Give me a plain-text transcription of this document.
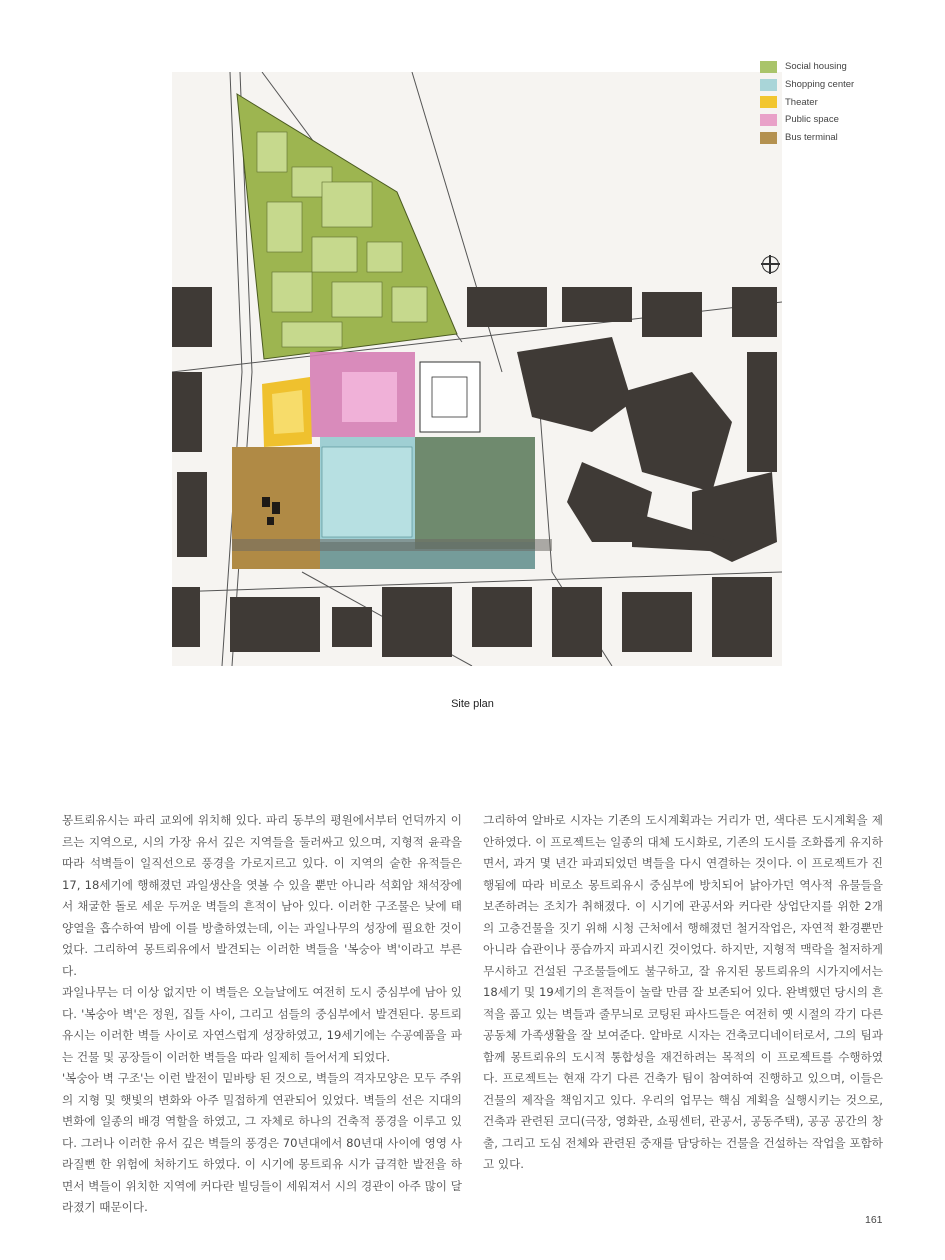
Social housing
Shopping center
Theater
Public space
Bus terminal
Site plan

몽트뢰유시는 파리 교외에 위치해 있다. 파리 동부의 평원에서부터 언덕까지 이르는 지역으로, 시의 가장 유서 깊은 지역들을 둘러싸고 있으며, 지형적 윤곽을 따라 석벽들이 일직선으로 풍경을 가로지르고 있다. 이 지역의 숱한 유적들은 17, 18세기에 행해졌던 과일생산을 엿볼 수 있을 뿐만 아니라 석회암 채석장에서 채굴한 돌로 세운 두꺼운 벽들의 흔적이 남아 있다. 이러한 구조물은 낮에 태양열을 흡수하여 밤에 이를 방출하였는데, 이는 과일나무의 성장에 필요한 것이었다. 그리하여 몽트뢰유에서 발견되는 이러한 벽들을 '복숭아 벽'이라고 부른다.

과일나무는 더 이상 없지만 이 벽들은 오늘날에도 여전히 도시 중심부에 남아 있다. '복숭아 벽'은 정원, 집들 사이, 그리고 섬들의 중심부에서 발견된다. 몽트뢰유시는 이러한 벽들 사이로 자연스럽게 성장하였고, 19세기에는 수공예품을 파는 건물 및 공장들이 이러한 벽들을 따라 일제히 들어서게 되었다.

'복숭아 벽 구조'는 이런 발전이 밑바탕 된 것으로, 벽들의 격자모양은 모두 주위의 지형 및 햇빛의 변화와 아주 밀접하게 연관되어 있었다. 벽들의 선은 지대의 변화에 일종의 배경 역할을 하였고, 그 자체로 하나의 건축적 풍경을 이루고 있다. 그러나 이러한 유서 깊은 벽들의 풍경은 70년대에서 80년대 사이에 영영 사라질뻔 한 위험에 처하기도 하였다. 이 시기에 몽트뢰유 시가 급격한 발전을 하면서 벽들이 위치한 지역에 커다란 빌딩들이 세워져서 시의 경관이 아주 많이 달라졌기 때문이다.

그리하여 알바로 시자는 기존의 도시계획과는 거리가 먼, 색다른 도시계획을 제안하였다. 이 프로젝트는 일종의 대체 도시화로, 기존의 도시를 조화롭게 유지하면서, 과거 몇 년간 파괴되었던 벽들을 다시 연결하는 것이다. 이 프로젝트가 진행됨에 따라 비로소 몽트뢰유시 중심부에 방치되어 낡아가던 역사적 유물들을 보존하려는 조치가 취해졌다. 이 시기에 관공서와 커다란 상업단지를 위한 2개의 고층건물을 짓기 위해 시청 근처에서 행해졌던 철거작업은, 자연적 환경뿐만 아니라 습관이나 풍습까지 파괴시킨 것이었다. 하지만, 지형적 맥락을 철저하게 무시하고 건설된 구조물들에도 불구하고, 잘 유지된 몽트뢰유의 시가지에서는 18세기 및 19세기의 흔적들이 놀랄 만큼 잘 보존되어 있다. 완벽했던 당시의 흔적을 품고 있는 벽들과 줄무늬로 코팅된 파사드들은 여전히 옛 시절의 각기 다른 공동체 가족생활을 잘 보여준다. 알바로 시자는 건축코디네이터로서, 그의 팀과 함께 몽트뢰유의 도시적 통합성을 재건하려는 목적의 이 프로젝트를 수행하였다. 프로젝트는 현재 각기 다른 건축가 팀이 참여하여 진행하고 있으며, 이들은 건물의 제작을 책임지고 있다. 우리의 업무는 핵심 계획을 실행시키는 것으로, 건축과 관련된 코디(극장, 영화관, 쇼핑센터, 관공서, 공동주택), 공공 공간의 창출, 그리고 도심 전체와 관련된 중재를 담당하는 건물을 건설하는 작업을 포함하고 있다.

161
